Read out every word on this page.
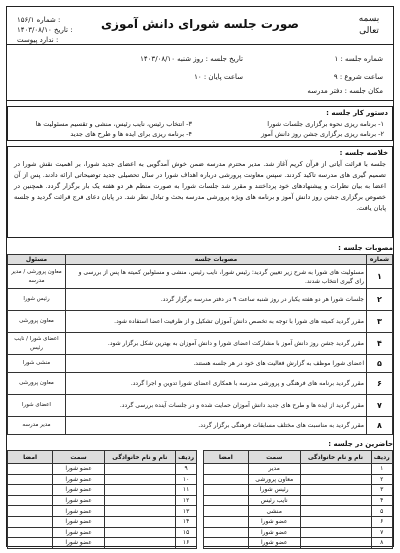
بسمه تعالی
صورت جلسه شورای دانش آموزی
۱۵۶/۱ شماره :
۱۴۰۳/۰۸/۱۰ تاریخ :
ندارد پیوست :
شماره جلسه : ۱
تاریخ جلسه : روز شنبه ۱۴۰۳/۰۸/۱۰
ساعت شروع : ۹
ساعت پایان : ۱۰
مکان جلسه : دفتر مدرسه
دستور کار جلسه :
۱- برنامه ریزی نحوه برگزاری جلسات شورا
۲- برنامه ریزی برگزاری جشن روز دانش آموز
۳- انتخاب رئیس، نایب رئیس، منشی و تقسیم مسئولیت ها
۴- برنامه ریزی برای ایده ها و طرح های جدید
خلاصه جلسه :

جلسه با قرائت آیاتی از قرآن کریم آغاز شد. مدیر محترم مدرسه ضمن خوش آمدگویی به اعضای جدید شورا، بر اهمیت نقش شورا در تصمیم گیری های مدرسه تاکید کردند. سپس معاونت پرورشی درباره اهداف شورا در سال تحصیلی جدید توضیحاتی ارائه دادند. پس از آن اعضا به بیان نظرات و پیشنهادهای خود پرداختند و مقرر شد جلسات شورا به صورت منظم هر دو هفته یک بار برگزار گردد. همچنین در خصوص برگزاری جشن روز دانش آموز و برنامه های ویژه پرورشی مدرسه بحث و تبادل نظر شد. در پایان دعای فرج قرائت گردید و جلسه پایان یافت.

مصوبات جلسه :
شماره	مصوبات جلسه	مسئول
۱	مسئولیت های شورا به شرح زیر تعیین گردید: رئیس شورا، نایب رئیس، منشی و مسئولین کمیته ها پس از بررسی و رای گیری انتخاب شدند.	معاون پرورشی / مدیر مدرسه
۲	جلسات شورا هر دو هفته یکبار در روز شنبه ساعت ۹ در دفتر مدرسه برگزار گردد.	رئیس شورا
۳	مقرر گردید کمیته های شورا با توجه به تخصص دانش آموزان تشکیل و از ظرفیت اعضا استفاده شود.	معاون پرورشی
۴	مقرر گردید جشن روز دانش آموز با مشارکت اعضای شورا و دانش آموزان به بهترین شکل برگزار شود.	اعضای شورا / نایب رئیس
۵	اعضای شورا موظف به گزارش فعالیت های خود در هر جلسه هستند.	منشی شورا
۶	مقرر گردید برنامه های فرهنگی و پرورشی مدرسه با همکاری اعضای شورا تدوین و اجرا گردد.	معاون پرورشی
۷	مقرر گردید از ایده ها و طرح های جدید دانش آموزان حمایت شده و در جلسات آینده بررسی گردد.	اعضای شورا
۸	مقرر گردید به مناسبت های مختلف مسابقات فرهنگی برگزار گردد.	مدیر مدرسه
حاضرین در جلسه :
ردیف	نام و نام خانوادگی	سمت	امضا		ردیف	نام و نام خانوادگی	سمت	امضا
۱		مدیر			۹		عضو شورا	
۲		معاون پرورشی			۱۰		عضو شورا	
۳		رئیس شورا			۱۱		عضو شورا	
۴		نایب رئیس			۱۲		عضو شورا	
۵		منشی			۱۳		عضو شورا	
۶		عضو شورا			۱۴		عضو شورا	
۷		عضو شورا			۱۵		عضو شورا	
۸		عضو شورا			۱۶		عضو شورا	
